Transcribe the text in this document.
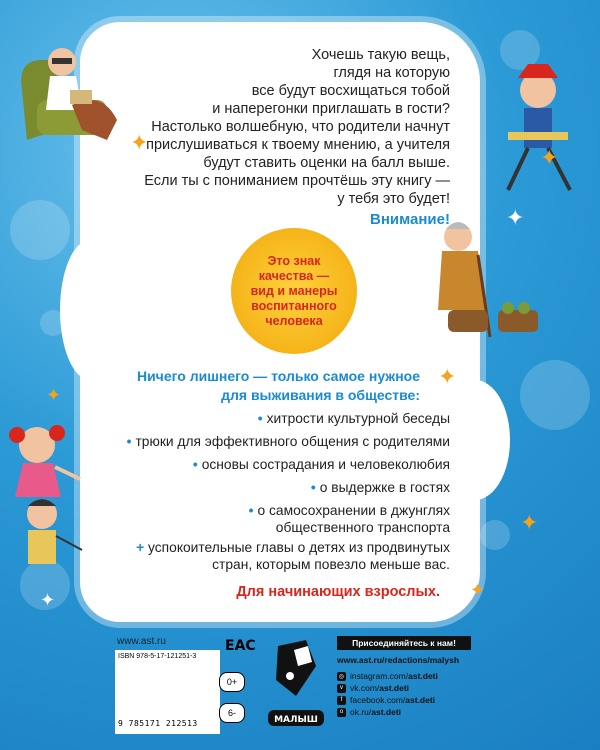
✦
✦
✦
✦
✦
✦
✦
✦
Хочешь такую вещь,
глядя на которую
все будут восхищаться тобой
и наперегонки приглашать в гости?
Настолько волшебную, что родители начнут
прислушиваться к твоему мнению, а учителя
будут ставить оценки на балл выше.
Если ты с пониманием прочтёшь эту книгу —
у тебя это будет!
Внимание!
Это знак
качества —
вид и манеры
воспитанного
человека
Ничего лишнего — только самое нужное
для выживания в обществе:
• хитрости культурной беседы
• трюки для эффективного общения с родителями
• основы сострадания и человеколюбия
• о выдержке в гостях
• о самосохранении в джунглях
общественного транспорта
+ успокоительные главы о детях из продвинутых
стран, которым повезло меньше вас.
Для начинающих взрослых.
www.ast.ru
ISBN 978-5-17-121251-3
9 785171 212513
EAC
0+
6-
МАЛЫШ
Присоединяйтесь к нам!
www.ast.ru/redactions/malysh
◎ instagram.com/ ast.deti
v vk.com/ ast.deti
f facebook.com/ ast.deti
o ok.ru/ ast.deti
